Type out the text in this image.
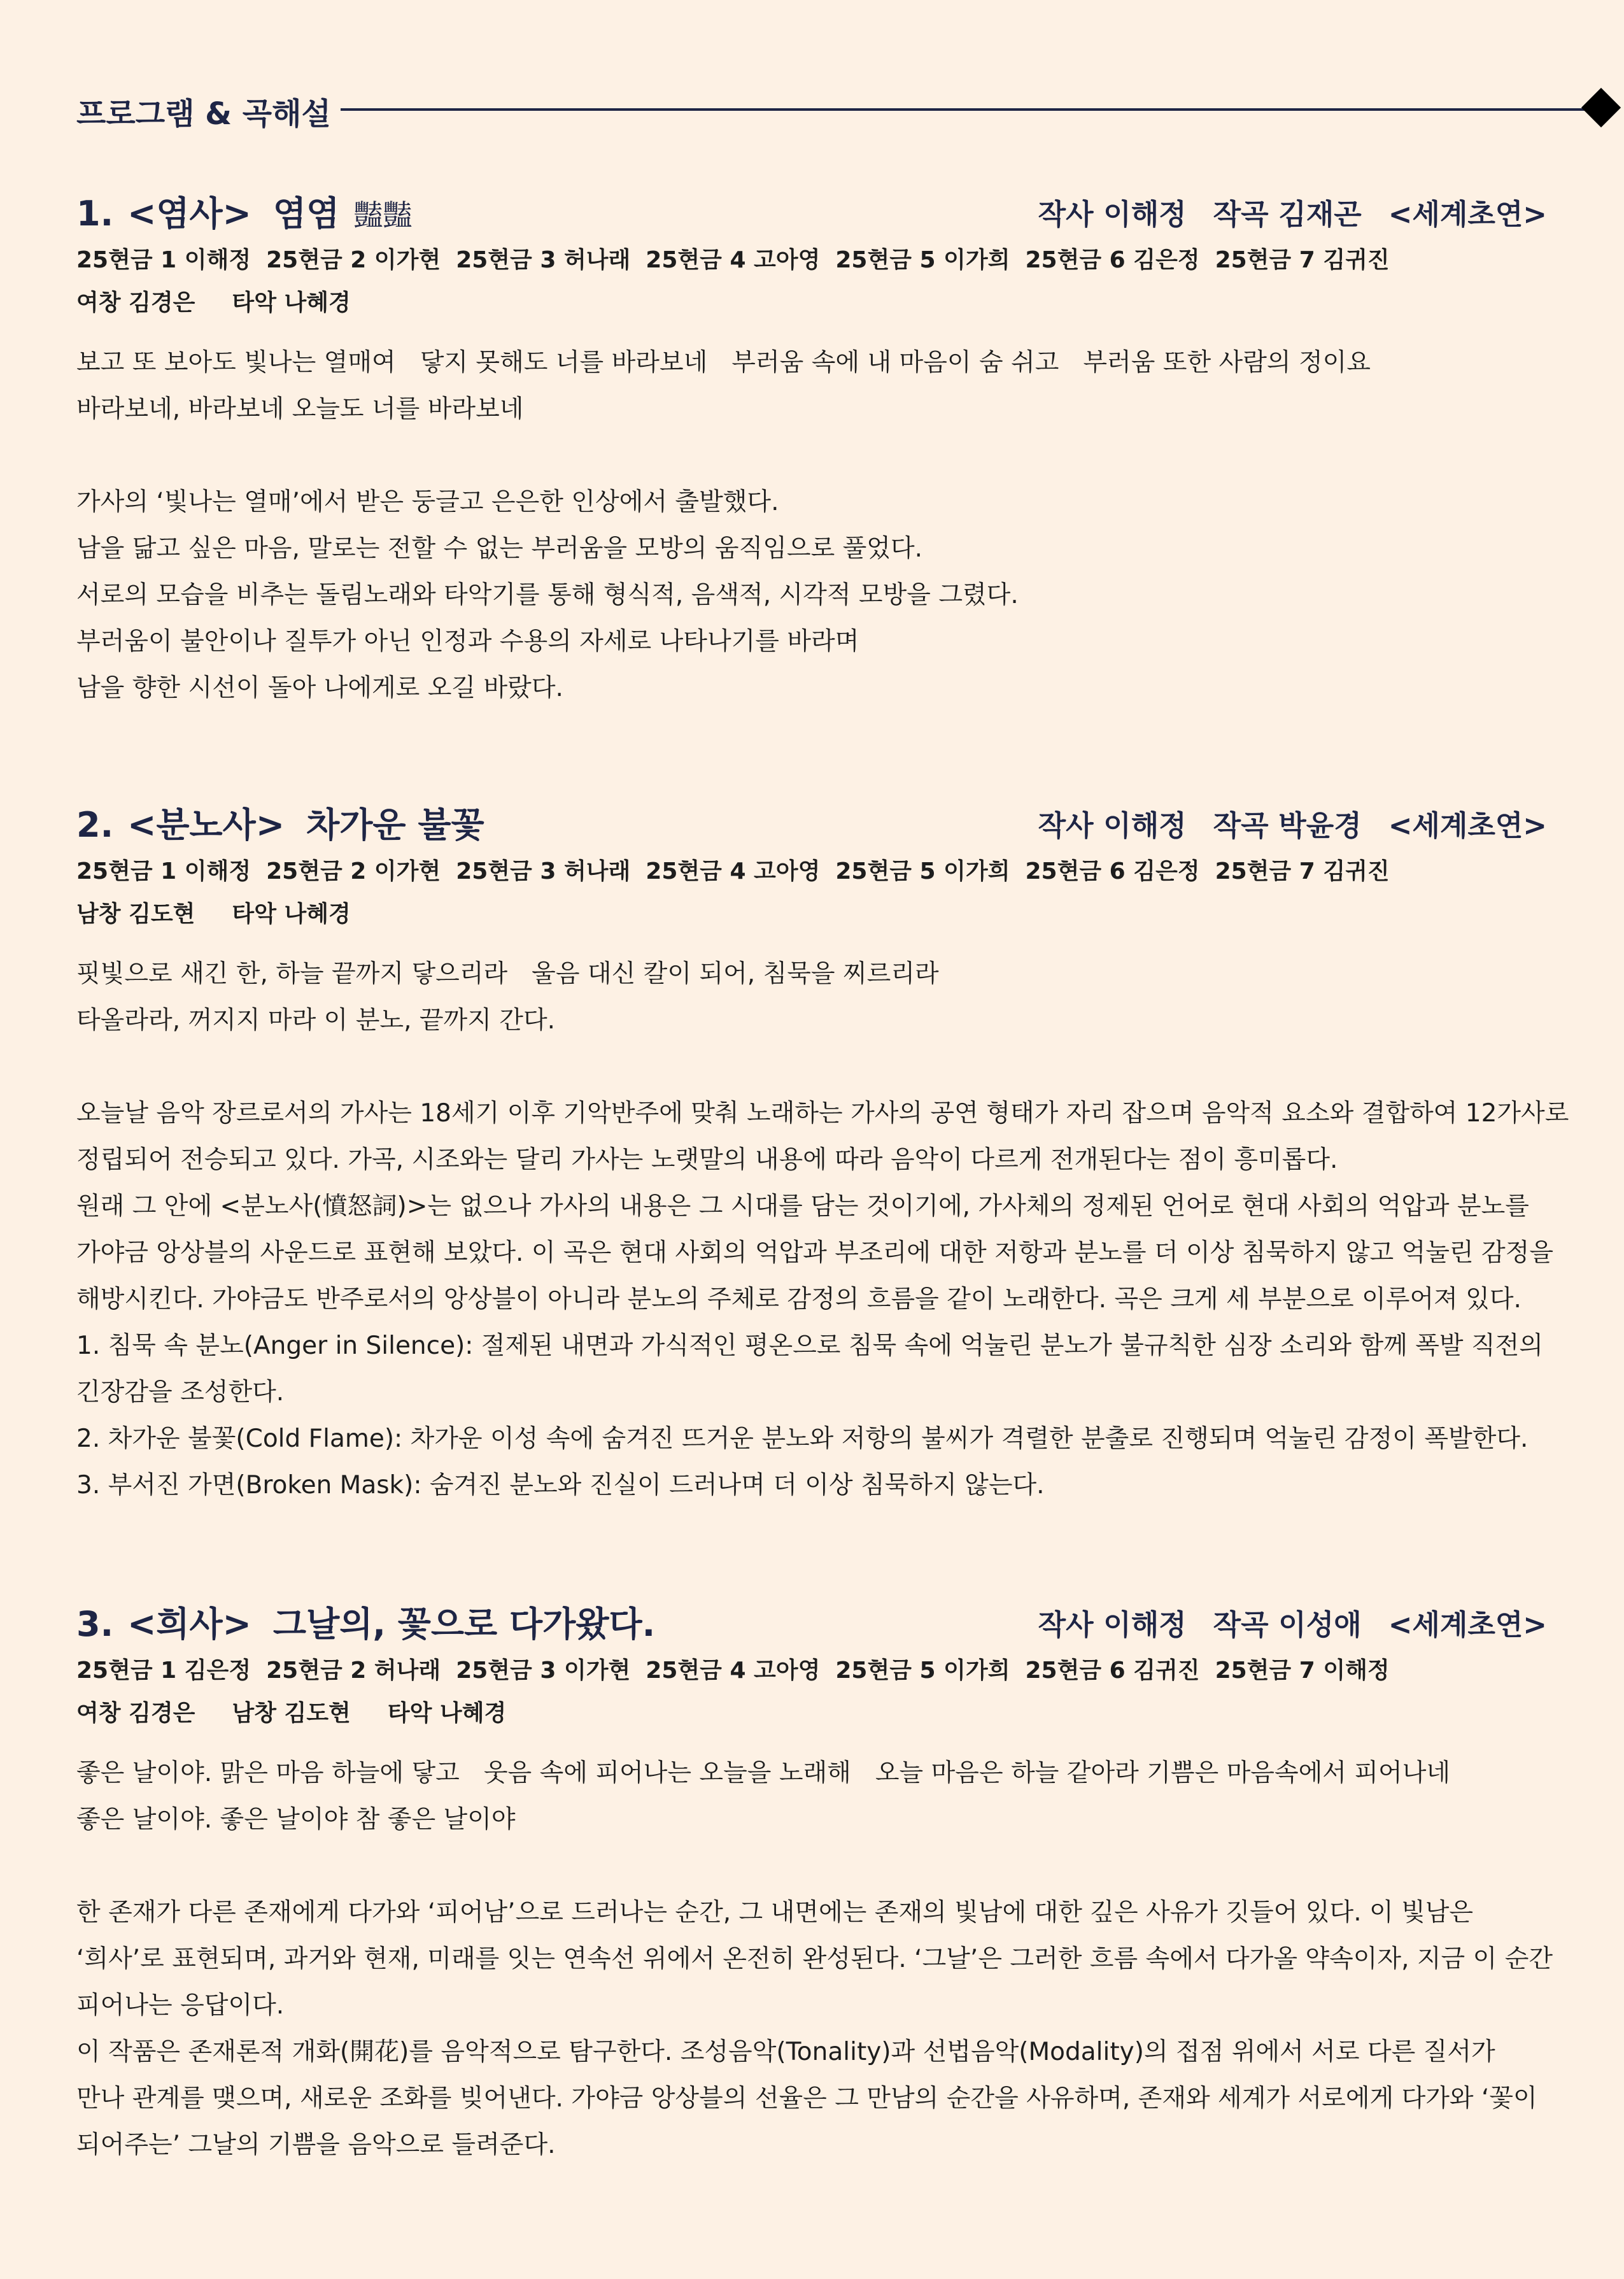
프로그램 & 곡해설
1. <염사> 염염 豔豔	작사 이해정 작곡 김재곤 <세계초연>
25현금 1 이해정 25현금 2 이가현 25현금 3 허나래 25현금 4 고아영 25현금 5 이가희 25현금 6 김은정 25현금 7 김귀진
여창 김경은 타악 나혜경
보고 또 보아도 빛나는 열매여 닿지 못해도 너를 바라보네 부러움 속에 내 마음이 숨 쉬고 부러움 또한 사람의 정이요
바라보네, 바라보네 오늘도 너를 바라보네

가사의 ‘빛나는 열매’에서 받은 둥글고 은은한 인상에서 출발했다.

남을 닮고 싶은 마음, 말로는 전할 수 없는 부러움을 모방의 움직임으로 풀었다.

서로의 모습을 비추는 돌림노래와 타악기를 통해 형식적, 음색적, 시각적 모방을 그렸다.

부러움이 불안이나 질투가 아닌 인정과 수용의 자세로 나타나기를 바라며

남을 향한 시선이 돌아 나에게로 오길 바랐다.

2. <분노사> 차가운 불꽃	작사 이해정 작곡 박윤경 <세계초연>
25현금 1 이해정 25현금 2 이가현 25현금 3 허나래 25현금 4 고아영 25현금 5 이가희 25현금 6 김은정 25현금 7 김귀진
남창 김도현 타악 나혜경
핏빛으로 새긴 한, 하늘 끝까지 닿으리라 울음 대신 칼이 되어, 침묵을 찌르리라
타올라라, 꺼지지 마라 이 분노, 끝까지 간다.

오늘날 음악 장르로서의 가사는 18세기 이후 기악반주에 맞춰 노래하는 가사의 공연 형태가 자리 잡으며 음악적 요소와 결합하여 12가사로

정립되어 전승되고 있다. 가곡, 시조와는 달리 가사는 노랫말의 내용에 따라 음악이 다르게 전개된다는 점이 흥미롭다.

원래 그 안에 <분노사(憤怒詞)>는 없으나 가사의 내용은 그 시대를 담는 것이기에, 가사체의 정제된 언어로 현대 사회의 억압과 분노를

가야금 앙상블의 사운드로 표현해 보았다. 이 곡은 현대 사회의 억압과 부조리에 대한 저항과 분노를 더 이상 침묵하지 않고 억눌린 감정을

해방시킨다. 가야금도 반주로서의 앙상블이 아니라 분노의 주체로 감정의 흐름을 같이 노래한다. 곡은 크게 세 부분으로 이루어져 있다.

1. 침묵 속 분노(Anger in Silence): 절제된 내면과 가식적인 평온으로 침묵 속에 억눌린 분노가 불규칙한 심장 소리와 함께 폭발 직전의

긴장감을 조성한다.

2. 차가운 불꽃(Cold Flame): 차가운 이성 속에 숨겨진 뜨거운 분노와 저항의 불씨가 격렬한 분출로 진행되며 억눌린 감정이 폭발한다.

3. 부서진 가면(Broken Mask): 숨겨진 분노와 진실이 드러나며 더 이상 침묵하지 않는다.

3. <희사> 그날의, 꽃으로 다가왔다.	작사 이해정 작곡 이성애 <세계초연>
25현금 1 김은정 25현금 2 허나래 25현금 3 이가현 25현금 4 고아영 25현금 5 이가희 25현금 6 김귀진 25현금 7 이해정
여창 김경은 남창 김도현 타악 나혜경
좋은 날이야. 맑은 마음 하늘에 닿고 웃음 속에 피어나는 오늘을 노래해 오늘 마음은 하늘 같아라 기쁨은 마음속에서 피어나네
좋은 날이야. 좋은 날이야 참 좋은 날이야

한 존재가 다른 존재에게 다가와 ‘피어남’으로 드러나는 순간, 그 내면에는 존재의 빛남에 대한 깊은 사유가 깃들어 있다. 이 빛남은

‘희사’로 표현되며, 과거와 현재, 미래를 잇는 연속선 위에서 온전히 완성된다. ‘그날’은 그러한 흐름 속에서 다가올 약속이자, 지금 이 순간

피어나는 응답이다.

이 작품은 존재론적 개화(開花)를 음악적으로 탐구한다. 조성음악(Tonality)과 선법음악(Modality)의 접점 위에서 서로 다른 질서가

만나 관계를 맺으며, 새로운 조화를 빚어낸다. 가야금 앙상블의 선율은 그 만남의 순간을 사유하며, 존재와 세계가 서로에게 다가와 ‘꽃이

되어주는’ 그날의 기쁨을 음악으로 들려준다.
